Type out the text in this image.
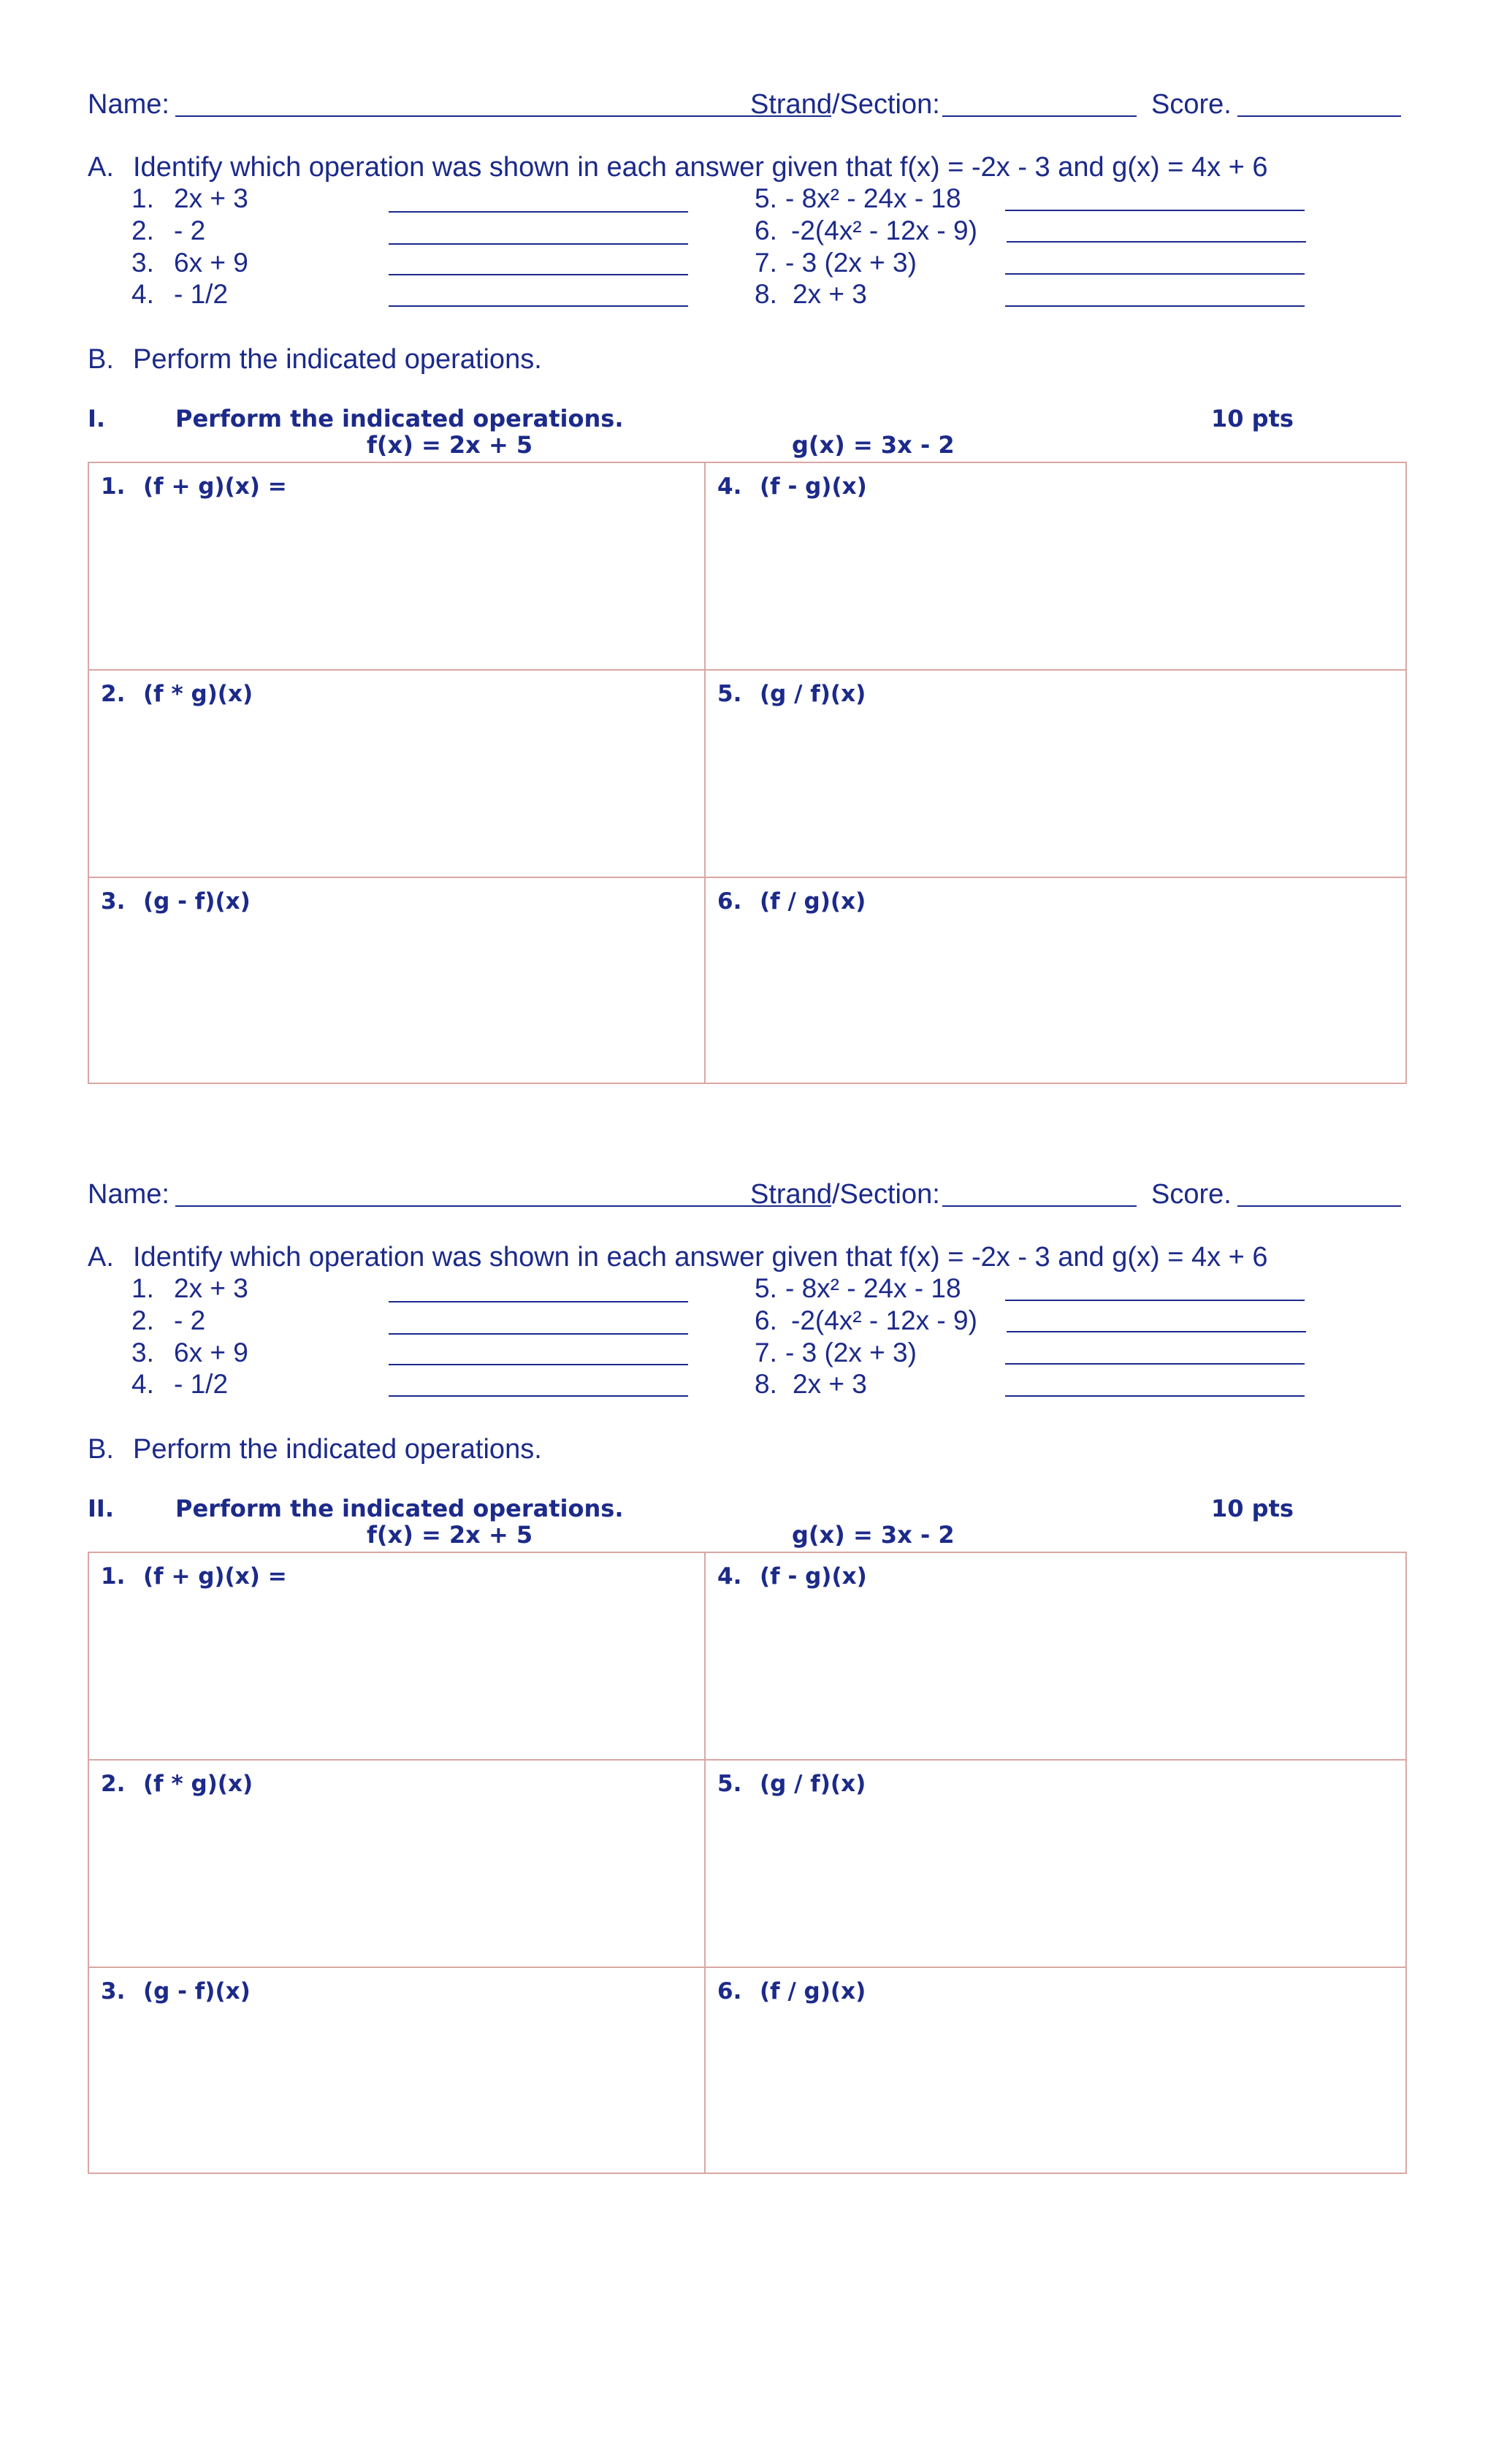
Name:	Strand/Section:	Score.
A. Identify which operation was shown in each answer given that f(x) = -2x - 3 and g(x) = 4x + 6
1. 2x + 3
2. - 2
3. 6x + 9
4. - 1/2
5. - 8x² - 24x - 18
6. -2(4x² - 12x - 9)
7. - 3 (2x + 3)
8. 2x + 3
B. Perform the indicated operations.
I.	Perform the indicated operations.	10 pts
f(x) = 2x + 5	g(x) = 3x - 2
1. (f + g)(x) =	4. (f - g)(x)
2. (f * g)(x)	5. (g / f)(x)
3. (g - f)(x)	6. (f / g)(x)
Name:	Strand/Section:	Score.
A. Identify which operation was shown in each answer given that f(x) = -2x - 3 and g(x) = 4x + 6
1. 2x + 3
2. - 2
3. 6x + 9
4. - 1/2
5. - 8x² - 24x - 18
6. -2(4x² - 12x - 9)
7. - 3 (2x + 3)
8. 2x + 3
B. Perform the indicated operations.
II.	Perform the indicated operations.	10 pts
f(x) = 2x + 5	g(x) = 3x - 2
1. (f + g)(x) =	4. (f - g)(x)
2. (f * g)(x)	5. (g / f)(x)
3. (g - f)(x)	6. (f / g)(x)
